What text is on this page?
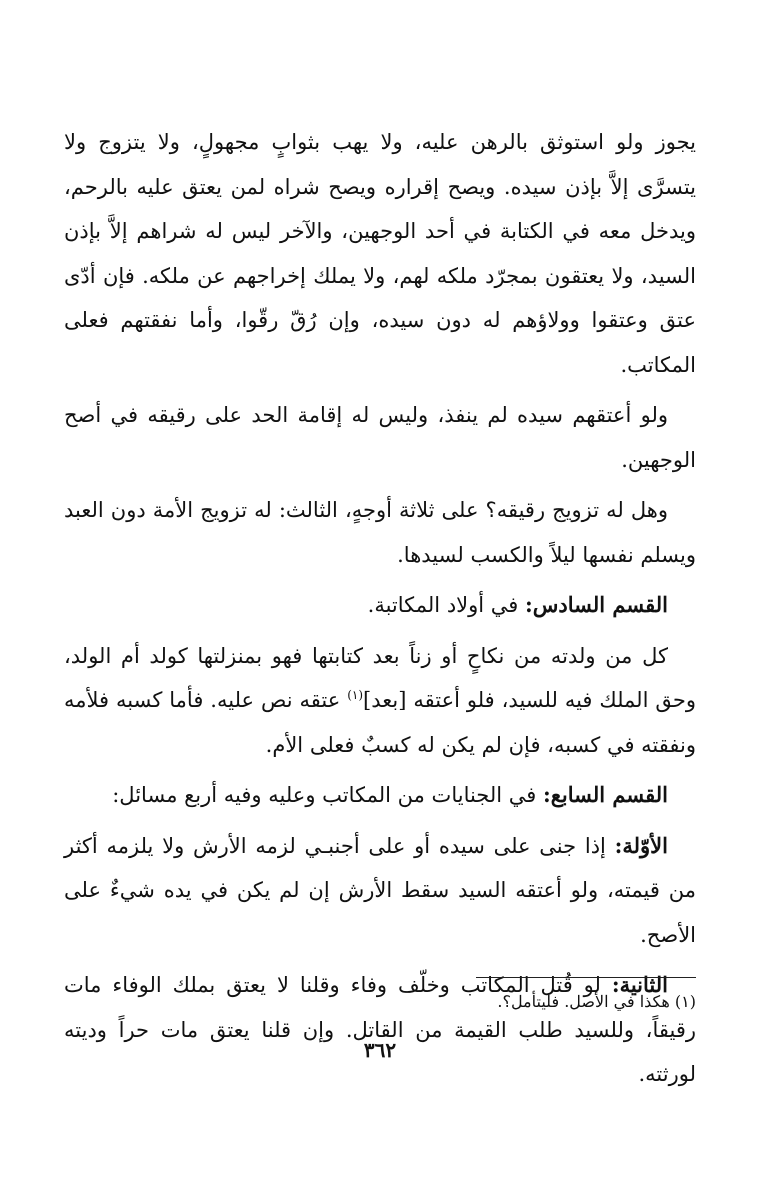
يجوز ولو استوثق بالرهن عليه، ولا يهب بثوابٍ مجهولٍ، ولا يتزوج ولا يتسرَّى إلاَّ بإذن سيده. ويصح إقراره ويصح شراه لمن يعتق عليه بالرحم، ويدخل معه في الكتابة في أحد الوجهين، والآخر ليس له شراهم إلاَّ بإذن السيد، ولا يعتقون بمجرّد ملكه لهم، ولا يملك إخراجهم عن ملكه. فإن أدّى عتق وعتقوا وولاؤهم له دون سيده، وإن رُقّ رقّوا، وأما نفقتهم فعلى المكاتب.

ولو أعتقهم سيده لم ينفذ، وليس له إقامة الحد على رقيقه في أصح الوجهين.

وهل له تزويج رقيقه؟ على ثلاثة أوجهٍ، الثالث: له تزويج الأمة دون العبد ويسلم نفسها ليلاً والكسب لسيدها.

القسم السادس: في أولاد المكاتبة.

كل من ولدته من نكاحٍ أو زناً بعد كتابتها فهو بمنزلتها كولد أم الولد، وحق الملك فيه للسيد، فلو أعتقه [بعد]$^{(١)}$ عتقه نص عليه. فأما كسبه فلأمه ونفقته في كسبه، فإن لم يكن له كسبٌ فعلى الأم.

القسم السابع: في الجنايات من المكاتب وعليه وفيه أربع مسائل:

الأوّلة: إذا جنى على سيده أو على أجنبـي لزمه الأرش ولا يلزمه أكثر من قيمته، ولو أعتقه السيد سقط الأرش إن لم يكن في يده شيءٌ على الأصح.

الثانية: لو قُتل المكاتب وخلّف وفاء وقلنا لا يعتق بملك الوفاء مات رقيقاً، وللسيد طلب القيمة من القاتل. وإن قلنا يعتق مات حراً وديته لورثته.

(١) هكذا في الأصل. فليتأمل؟.
٣٦٢
